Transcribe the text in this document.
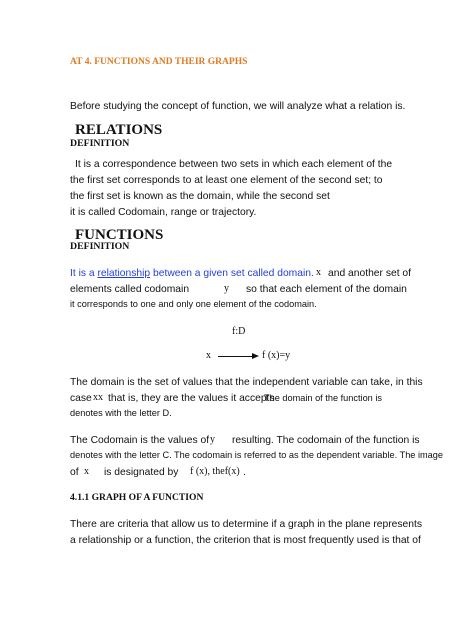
AT 4. FUNCTIONS AND THEIR GRAPHS
Before studying the concept of function, we will analyze what a relation is.
RELATIONS
DEFINITION
It is a correspondence between two sets in which each element of the
the first set corresponds to at least one element of the second set; to
the first set is known as the domain, while the second set
it is called Codomain, range or trajectory.
FUNCTIONS
DEFINITION
It is a relationship between a given set called domain. x and another set of
elements called codomain	y so that each element of the domain
it corresponds to one and only one element of the codomain.
f:D
x	f (x)=y
The domain is the set of values that the independent variable can take, in this
case xx that is, they are the values it accepts
The domain of the function is
denotes with the letter D.
The Codomain is the values of y resulting. The codomain of the function is
denotes with the letter C. The codomain is referred to as the dependent variable. The image
of x is designated by f (x), thef(x) .
4.1.1 GRAPH OF A FUNCTION
There are criteria that allow us to determine if a graph in the plane represents
a relationship or a function, the criterion that is most frequently used is that of
